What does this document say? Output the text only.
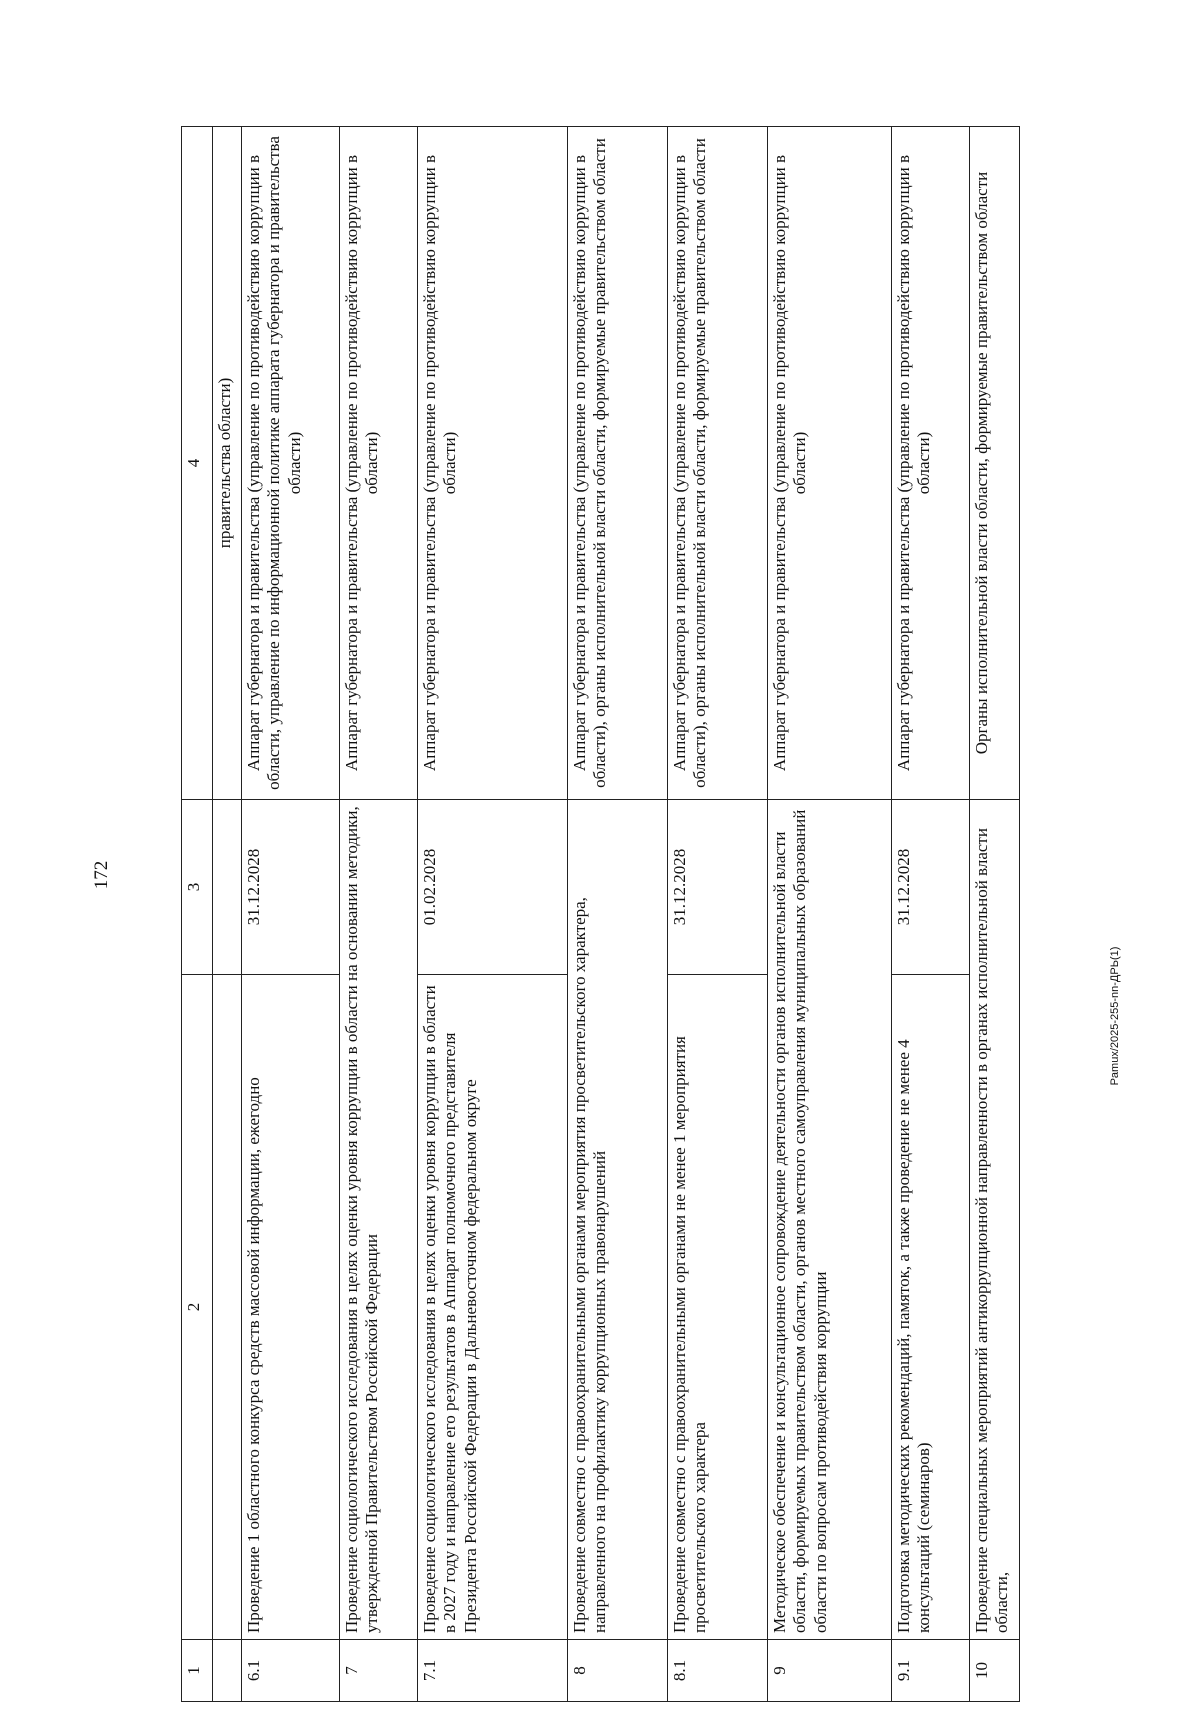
172
Pamux/2025-255-nn-ДРЬ(1)
1	2	3	4
			правительства области)
6.1	Проведение 1 областного конкурса средств массовой информации, ежегодно	31.12.2028	Аппарат губернатора и правительства (управление по противодействию коррупции в области, управление по информационной политике аппарата губернатора и правительства области)
7	Проведение социологического исследования в целях оценки уровня коррупции в области на основании методики, утвержденной Правительством Российской Федерации		Аппарат губернатора и правительства (управление по противодействию коррупции в области)
7.1	Проведение социологического исследования в целях оценки уровня коррупции в области в 2027 году и направление его результатов в Аппарат полномочного представителя Президента Российской Федерации в Дальневосточном федеральном округе	01.02.2028	Аппарат губернатора и правительства (управление по противодействию коррупции в области)
8	Проведение совместно с правоохранительными органами мероприятия просветительского характера, направленного на профилактику коррупционных правонарушений		Аппарат губернатора и правительства (управление по противодействию коррупции в области), органы исполнительной власти области, формируемые правительством области
8.1	Проведение совместно с правоохранительными органами не менее 1 мероприятия просветительского характера	31.12.2028	Аппарат губернатора и правительства (управление по противодействию коррупции в области), органы исполнительной власти области, формируемые правительством области
9	Методическое обеспечение и консультационное сопровождение деятельности органов исполнительной власти области, формируемых правительством области, органов местного самоуправления муниципальных образований области по вопросам противодействия коррупции		Аппарат губернатора и правительства (управление по противодействию коррупции в области)
9.1	Подготовка методических рекомендаций, памяток, а также проведение не менее 4 консультаций (семинаров)	31.12.2028	Аппарат губернатора и правительства (управление по противодействию коррупции в области)
10	Проведение специальных мероприятий антикоррупционной направленности в органах исполнительной власти области,		Органы исполнительной власти области, формируемые правительством области
